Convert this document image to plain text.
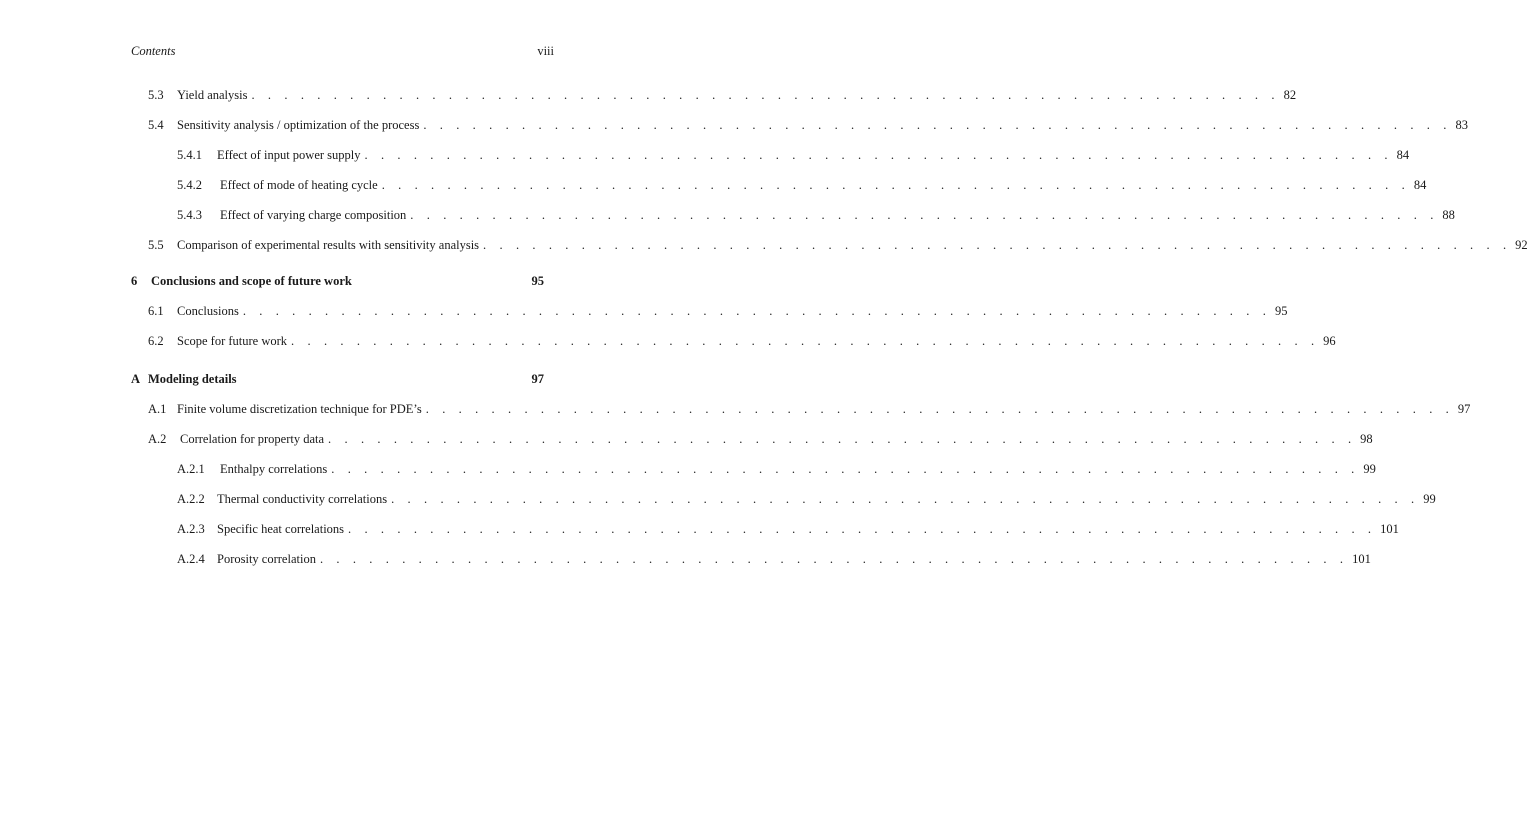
Contents	viii
5.3	Yield analysis . . . . . . . . . . . . . . . . . . . . . . . . . . . . . . . . . . . . . . . . . . . . . . . . . . . . . . . . . . . . . . . 82
5.4	Sensitivity analysis / optimization of the process . . . . . . . . . . . . . . . . . . . . . . . . . . . . . . . . . . . . . . . . . . . . . . . . . . . . . . . . . . . . . . . 83
5.4.1	Effect of input power supply . . . . . . . . . . . . . . . . . . . . . . . . . . . . . . . . . . . . . . . . . . . . . . . . . . . . . . . . . . . . . . . 84
5.4.2	Effect of mode of heating cycle . . . . . . . . . . . . . . . . . . . . . . . . . . . . . . . . . . . . . . . . . . . . . . . . . . . . . . . . . . . . . . . 84
5.4.3	Effect of varying charge composition . . . . . . . . . . . . . . . . . . . . . . . . . . . . . . . . . . . . . . . . . . . . . . . . . . . . . . . . . . . . . . . 88
5.5	Comparison of experimental results with sensitivity analysis . . . . . . . . . . . . . . . . . . . . . . . . . . . . . . . . . . . . . . . . . . . . . . . . . . . . . . . . . . . . . . . 92
6	Conclusions and scope of future work	95
6.1	Conclusions . . . . . . . . . . . . . . . . . . . . . . . . . . . . . . . . . . . . . . . . . . . . . . . . . . . . . . . . . . . . . . . 95
6.2	Scope for future work . . . . . . . . . . . . . . . . . . . . . . . . . . . . . . . . . . . . . . . . . . . . . . . . . . . . . . . . . . . . . . . 96
A Modeling details	97
A.1 Finite volume discretization technique for PDE’s . . . . . . . . . . . . . . . . . . . . . . . . . . . . . . . . . . . . . . . . . . . . . . . . . . . . . . . . . . . . . . . 97
A.2	Correlation for property data . . . . . . . . . . . . . . . . . . . . . . . . . . . . . . . . . . . . . . . . . . . . . . . . . . . . . . . . . . . . . . . 98
A.2.1	Enthalpy correlations . . . . . . . . . . . . . . . . . . . . . . . . . . . . . . . . . . . . . . . . . . . . . . . . . . . . . . . . . . . . . . . 99
A.2.2 Thermal conductivity correlations . . . . . . . . . . . . . . . . . . . . . . . . . . . . . . . . . . . . . . . . . . . . . . . . . . . . . . . . . . . . . . . 99
A.2.3 Specific heat correlations . . . . . . . . . . . . . . . . . . . . . . . . . . . . . . . . . . . . . . . . . . . . . . . . . . . . . . . . . . . . . . . 101
A.2.4 Porosity correlation . . . . . . . . . . . . . . . . . . . . . . . . . . . . . . . . . . . . . . . . . . . . . . . . . . . . . . . . . . . . . . . 101
